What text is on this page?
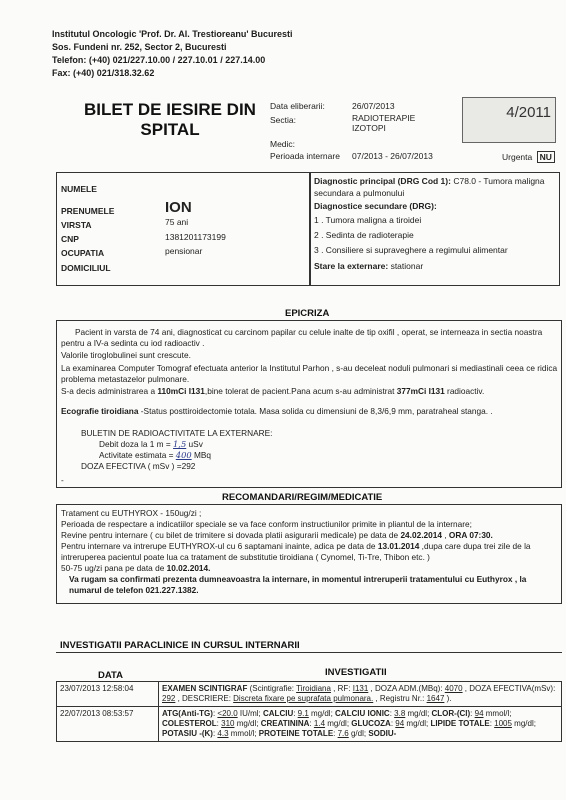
Institutul Oncologic 'Prof. Dr. Al. Trestioreanu' Bucuresti
Sos. Fundeni nr. 252, Sector 2, Bucuresti
Telefon: (+40) 021/227.10.00 / 227.10.01 / 227.14.00
Fax: (+40) 021/318.32.62
BILET DE IESIRE DIN
SPITAL
Data eliberarii:	26/07/2013
Sectia:	RADIOTERAPIE
IZOTOPI
Medic:
Perioada internare 07/2013 - 26/07/2013	Urgenta NU
4/2011
NUMELE
PRENUMELE	ION
VIRSTA	75 ani
CNP	1381201173199
OCUPATIA	pensionar
DOMICILIUL
Diagnostic principal (DRG Cod 1): C78.0 - Tumora maligna secundara a pulmonului
Diagnostice secundare (DRG):
1 . Tumora maligna a tiroidei
2 . Sedinta de radioterapie
3 . Consiliere si supraveghere a regimului alimentar
Stare la externare: stationar
EPICRIZA
Pacient in varsta de 74 ani, diagnosticat cu carcinom papilar cu celule inalte de tip oxifil , operat, se interneaza in sectia noastra pentru a IV-a sedinta cu iod radioactiv .
Valorile tiroglobulinei sunt crescute.
La examinarea Computer Tomograf efectuata anterior la Institutul Parhon , s-au deceleat noduli pulmonari si mediastinali ceea ce ridica problema metastazelor pulmonare.
S-a decis administrarea a 110mCi I131,bine tolerat de pacient.Pana acum s-au administrat 377mCi I131 radioactiv.
Ecografie tiroidiana -Status posttiroidectomie totala. Masa solida cu dimensiuni de 8,3/6,9 mm, paratraheal stanga. .
BULETIN DE RADIOACTIVITATE LA EXTERNARE:
Debit doza la 1 m = 1,5 uSv
Activitate estimata = 400 MBq
DOZA EFECTIVA ( mSv ) =292
-
RECOMANDARI/REGIM/MEDICATIE
Tratament cu EUTHYROX - 150ug/zi ;
Perioada de respectare a indicatiilor speciale se va face conform instructiunilor primite in pliantul de la internare;
Revine pentru internare ( cu bilet de trimitere si dovada platii asigurarii medicale) pe data de 24.02.2014 , ORA 07:30.
Pentru internare va intrerupe EUTHYROX-ul cu 6 saptamani inainte, adica pe data de 13.01.2014 ,dupa care dupa trei zile de la intreruperea pacientul poate lua ca tratament de substitutie tiroidiana ( Cynomel, Ti-Tre, Thibon etc. )
50-75 ug/zi pana pe data de 10.02.2014.
Va rugam sa confirmati prezenta dumneavoastra la internare, in momentul intreruperii tratamentului cu Euthyrox , la numarul de telefon 021.227.1382.
INVESTIGATII PARACLINICE IN CURSUL INTERNARII
DATA	INVESTIGATII
23/07/2013 12:58:04	EXAMEN SCINTIGRAF (Scintigrafie: Tiroidiana , RF: I131 , DOZA ADM.(MBq): 4070 , DOZA EFECTIVA(mSv): 292 , DESCRIERE: Discreta fixare pe suprafata pulmonara. , Registru Nr.: 1647 ).
22/07/2013 08:53:57	ATG(Anti-TG): <20.0 IU/ml; CALCIU: 9.1 mg/dl; CALCIU IONIC: 3.8 mg/dl; CLOR-(Cl): 94 mmol/l; COLESTEROL: 310 mg/dl; CREATININA: 1.4 mg/dl; GLUCOZA: 94 mg/dl; LIPIDE TOTALE: 1005 mg/dl; POTASIU -(K): 4.3 mmol/l; PROTEINE TOTALE: 7.6 g/dl; SODIU-
